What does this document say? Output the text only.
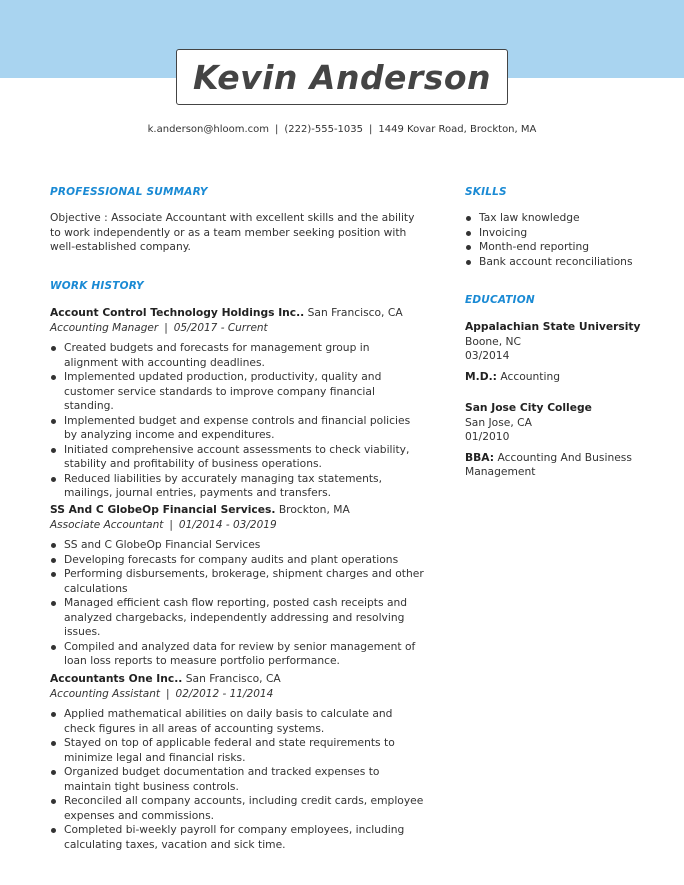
Kevin Anderson
k.anderson@hloom.com | (222)-555-1035 | 1449 Kovar Road, Brockton, MA
PROFESSIONAL SUMMARY
Objective : Associate Accountant with excellent skills and the ability to work independently or as a team member seeking position with well-established company.
WORK HISTORY
Account Control Technology Holdings Inc.. San Francisco, CA
Accounting Manager | 05/2017 - Current
Created budgets and forecasts for management group in alignment with accounting deadlines.
Implemented updated production, productivity, quality and customer service standards to improve company financial standing.
Implemented budget and expense controls and financial policies by analyzing income and expenditures.
Initiated comprehensive account assessments to check viability, stability and profitability of business operations.
Reduced liabilities by accurately managing tax statements, mailings, journal entries, payments and transfers.
SS And C GlobeOp Financial Services. Brockton, MA
Associate Accountant | 01/2014 - 03/2019
SS and C GlobeOp Financial Services
Developing forecasts for company audits and plant operations
Performing disbursements, brokerage, shipment charges and other calculations
Managed efficient cash flow reporting, posted cash receipts and analyzed chargebacks, independently addressing and resolving issues.
Compiled and analyzed data for review by senior management of loan loss reports to measure portfolio performance.
Accountants One Inc.. San Francisco, CA
Accounting Assistant | 02/2012 - 11/2014
Applied mathematical abilities on daily basis to calculate and check figures in all areas of accounting systems.
Stayed on top of applicable federal and state requirements to minimize legal and financial risks.
Organized budget documentation and tracked expenses to maintain tight business controls.
Reconciled all company accounts, including credit cards, employee expenses and commissions.
Completed bi-weekly payroll for company employees, including calculating taxes, vacation and sick time.
SKILLS
Tax law knowledge
Invoicing
Month-end reporting
Bank account reconciliations
EDUCATION
Appalachian State University
Boone, NC
03/2014
M.D.: Accounting
San Jose City College
San Jose, CA
01/2010
BBA: Accounting And Business Management
